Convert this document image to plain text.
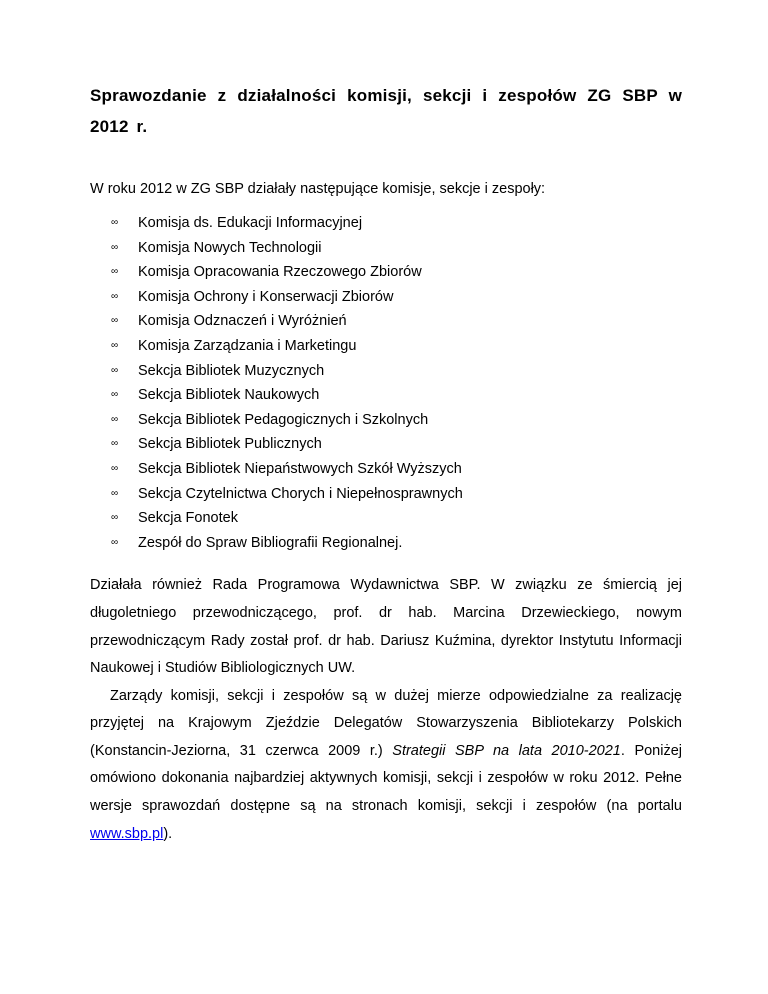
Sprawozdanie z działalności komisji, sekcji i zespołów ZG SBP w 2012 r.

W roku 2012 w ZG SBP działały następujące komisje, sekcje i zespoły:

∞ Komisja ds. Edukacji Informacyjnej
∞ Komisja Nowych Technologii
∞ Komisja Opracowania Rzeczowego Zbiorów
∞ Komisja Ochrony i Konserwacji Zbiorów
∞ Komisja Odznaczeń i Wyróżnień
∞ Komisja Zarządzania i Marketingu
∞ Sekcja Bibliotek Muzycznych
∞ Sekcja Bibliotek Naukowych
∞ Sekcja Bibliotek Pedagogicznych i Szkolnych
∞ Sekcja Bibliotek Publicznych
∞ Sekcja Bibliotek Niepaństwowych Szkół Wyższych
∞ Sekcja Czytelnictwa Chorych i Niepełnosprawnych
∞ Sekcja Fonotek
∞ Zespół do Spraw Bibliografii Regionalnej.

Działała również Rada Programowa Wydawnictwa SBP. W związku ze śmiercią jej długoletniego przewodniczącego, prof. dr hab. Marcina Drzewieckiego, nowym przewodniczącym Rady został prof. dr hab. Dariusz Kuźmina, dyrektor Instytutu Informacji Naukowej i Studiów Bibliologicznych UW.

Zarządy komisji, sekcji i zespołów są w dużej mierze odpowiedzialne za realizację przyjętej na Krajowym Zjeździe Delegatów Stowarzyszenia Bibliotekarzy Polskich (Konstancin-Jeziorna, 31 czerwca 2009 r.) Strategii SBP na lata 2010-2021. Poniżej omówiono dokonania najbardziej aktywnych komisji, sekcji i zespołów w roku 2012. Pełne wersje sprawozdań dostępne są na stronach komisji, sekcji i zespołów (na portalu www.sbp.pl).
